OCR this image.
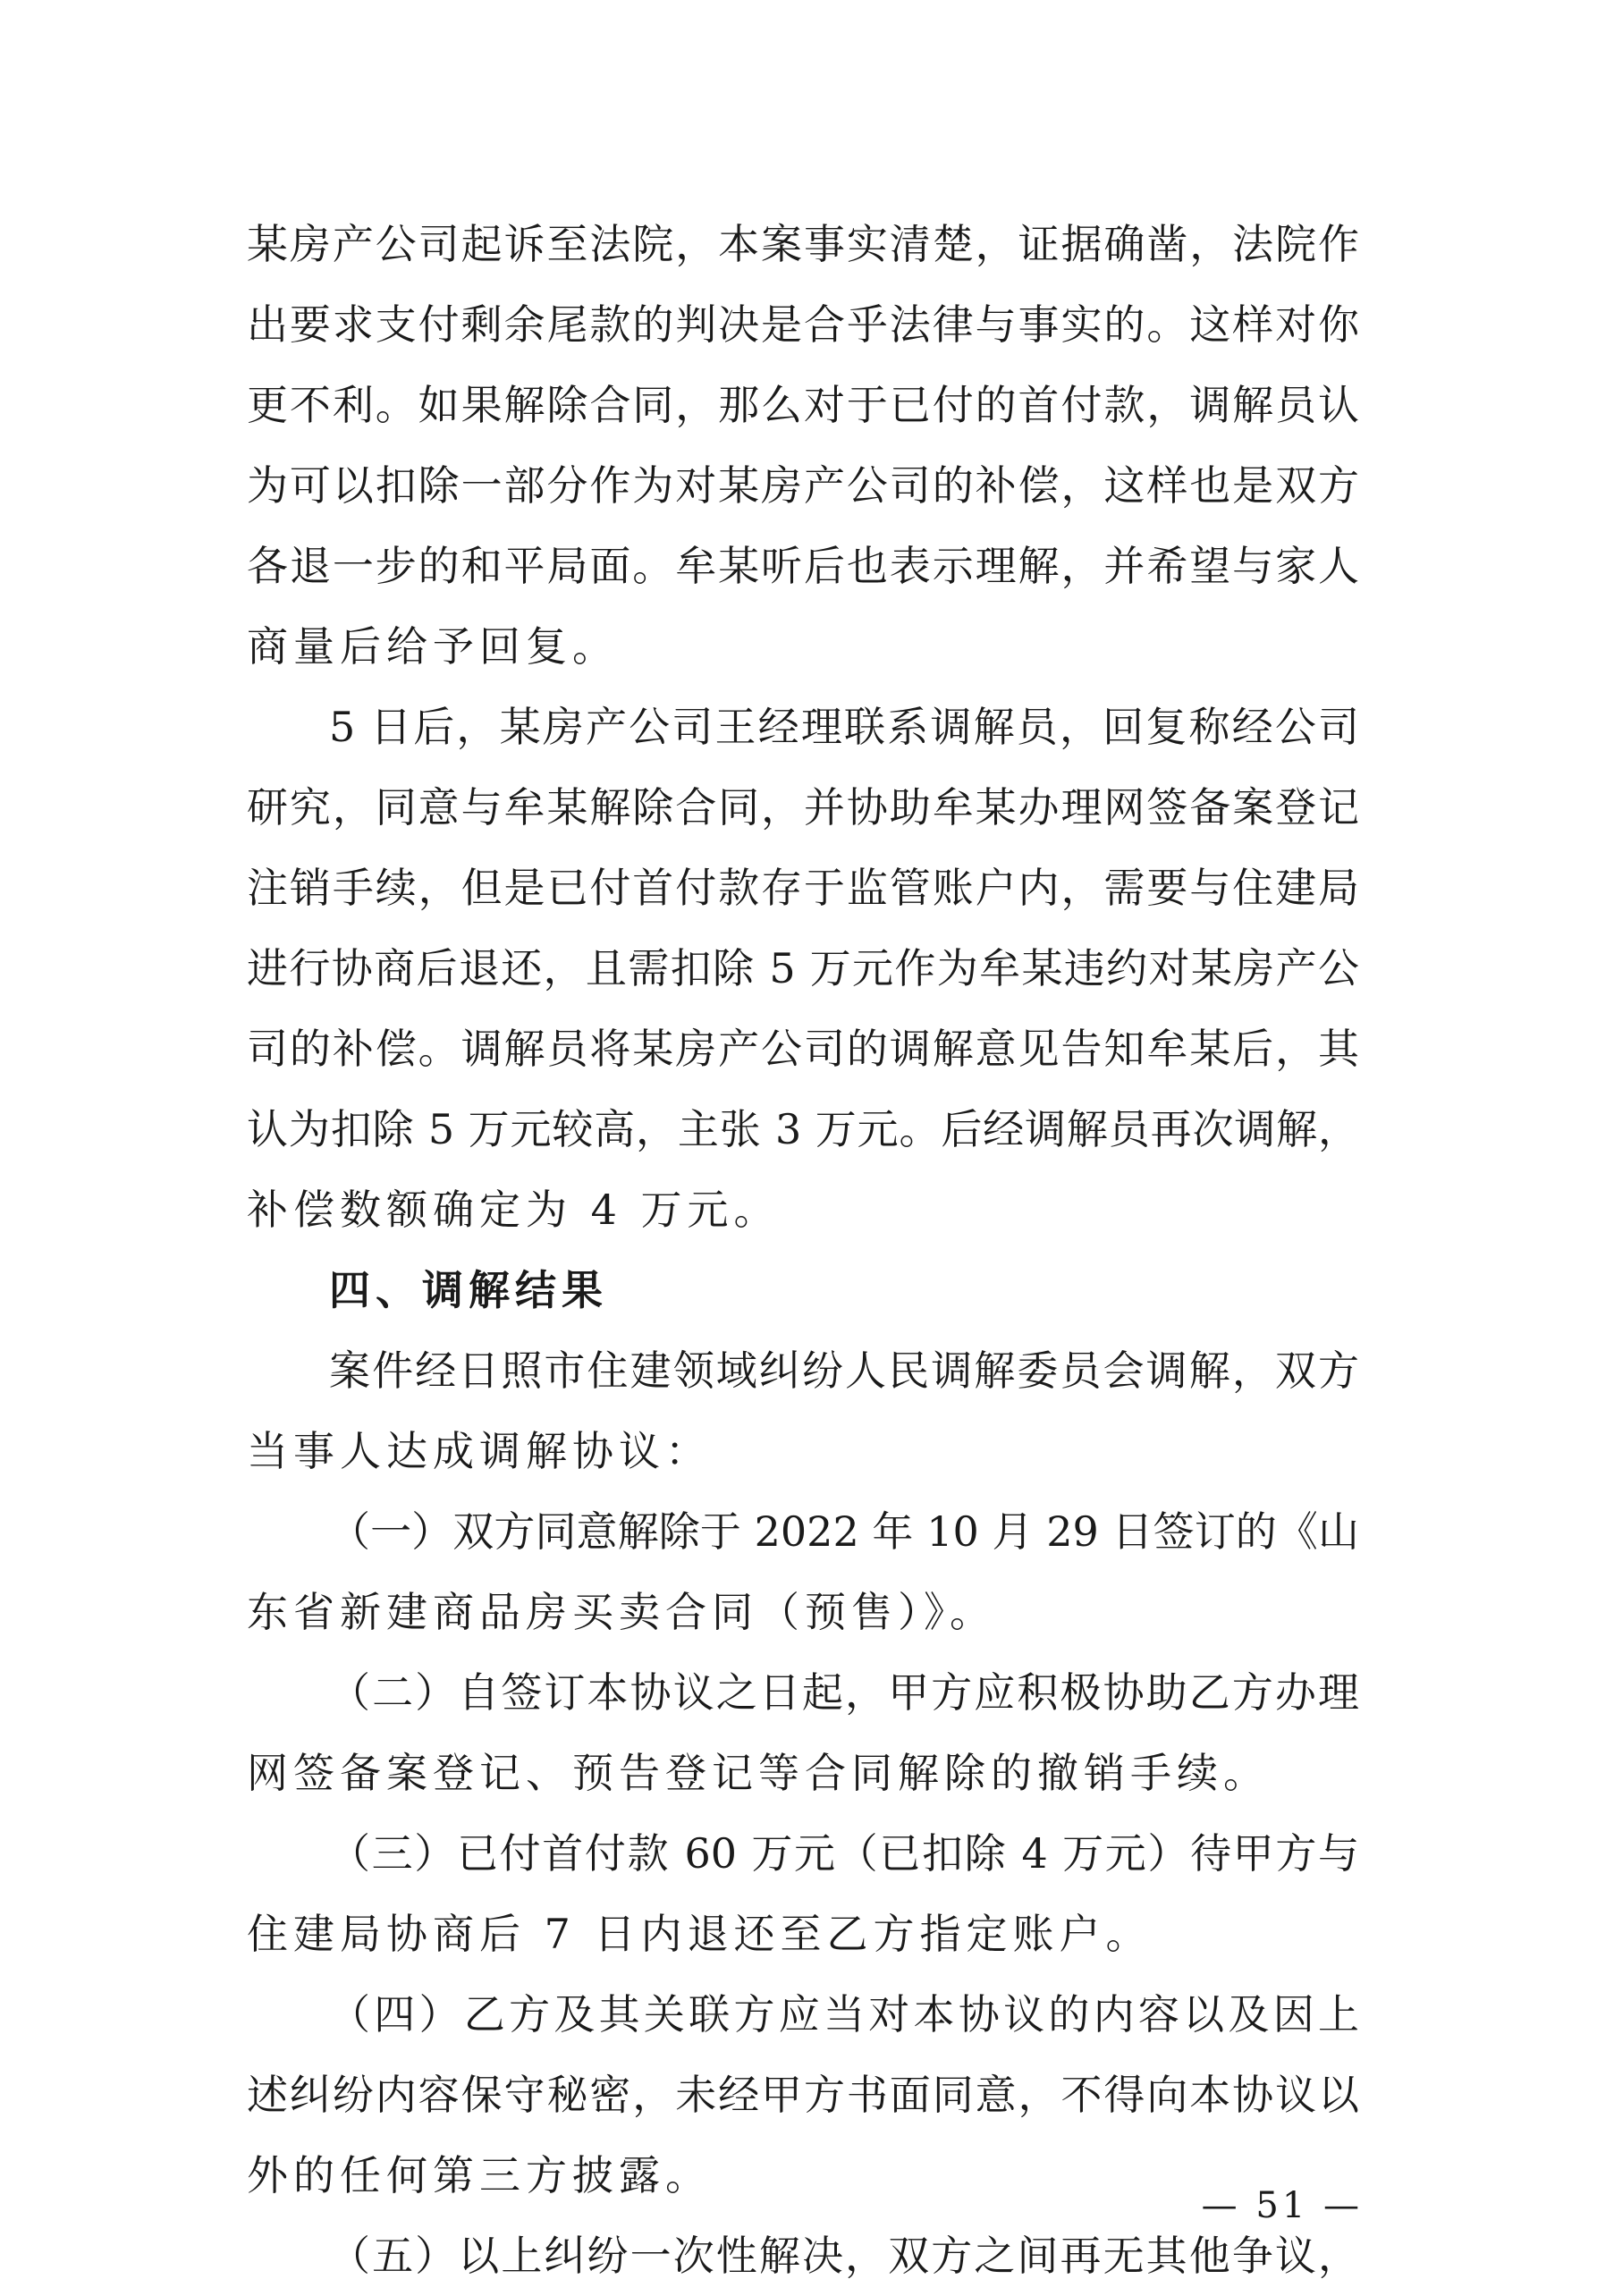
某房产公司起诉至法院，本案事实清楚，证据确凿，法院作
出要求支付剩余尾款的判决是合乎法律与事实的。这样对你
更不利。如果解除合同，那么对于已付的首付款，调解员认
为可以扣除一部分作为对某房产公司的补偿，这样也是双方
各退一步的和平局面。牟某听后也表示理解，并希望与家人
商量后给予回复。
5 日后，某房产公司王经理联系调解员，回复称经公司
研究，同意与牟某解除合同，并协助牟某办理网签备案登记
注销手续，但是已付首付款存于监管账户内，需要与住建局
进行协商后退还，且需扣除 5 万元作为牟某违约对某房产公
司的补偿。调解员将某房产公司的调解意见告知牟某后，其
认为扣除 5 万元较高，主张 3 万元。后经调解员再次调解，
补偿数额确定为 4 万元。
四、调解结果
案件经日照市住建领域纠纷人民调解委员会调解，双方
当事人达成调解协议：
（一）双方同意解除于 2022 年 10 月 29 日签订的《山
东省新建商品房买卖合同（预售）》。
（二）自签订本协议之日起，甲方应积极协助乙方办理
网签备案登记、预告登记等合同解除的撤销手续。
（三）已付首付款 60 万元（已扣除 4 万元）待甲方与
住建局协商后 7 日内退还至乙方指定账户。
（四）乙方及其关联方应当对本协议的内容以及因上
述纠纷内容保守秘密，未经甲方书面同意，不得向本协议以
外的任何第三方披露。
（五）以上纠纷一次性解决，双方之间再无其他争议，
— 51 —
